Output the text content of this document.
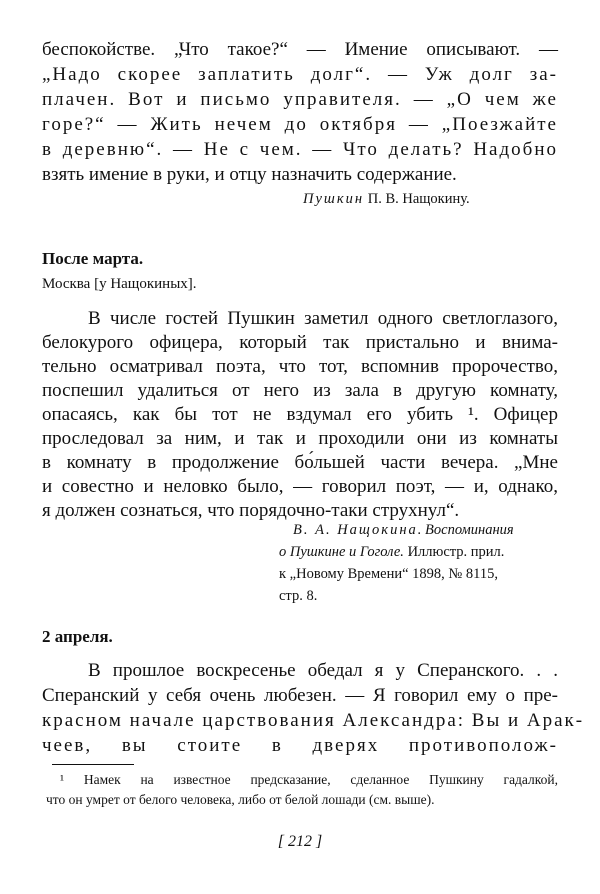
беспокойстве. „Что такое?“ — Имение описывают. —
„Надо скорее заплатить долг“. — Уж долг за-
плачен. Вот и письмо управителя. — „О чем же
горе?“ — Жить нечем до октября — „Поезжайте
в деревню“. — Не с чем. — Что делать? Надобно
взять имение в руки, и отцу назначить содержание.
Пушкин П. В. Нащокину.
После марта.
Москва [у Нащокиных].
В числе гостей Пушкин заметил одного светлоглазого,
белокурого офицера, который так пристально и внима-
тельно осматривал поэта, что тот, вспомнив пророчество,
поспешил удалиться от него из зала в другую комнату,
опасаясь, как бы тот не вздумал его убить ¹. Офицер
проследовал за ним, и так и проходили они из комнаты
в комнату в продолжение бо́льшей части вечера. „Мне
и совестно и неловко было, — говорил поэт, — и, однако,
я должен сознаться, что порядочно-таки струхнул“.
В. А. Нащокина. Воспоминания
о Пушкине и Гоголе. Иллюстр. прил.
к „Новому Времени“ 1898, № 8115,
стр. 8.
2 апреля.
В прошлое воскресенье обедал я у Сперанского. . .
Сперанский у себя очень любезен. — Я говорил ему о пре-
красном начале царствования Александра: Вы и Арак-
чеев, вы стоите в дверях противополож-
¹ Намек на известное предсказание, сделанное Пушкину гадалкой,
что он умрет от белого человека, либо от белой лошади (см. выше).
[ 212 ]
